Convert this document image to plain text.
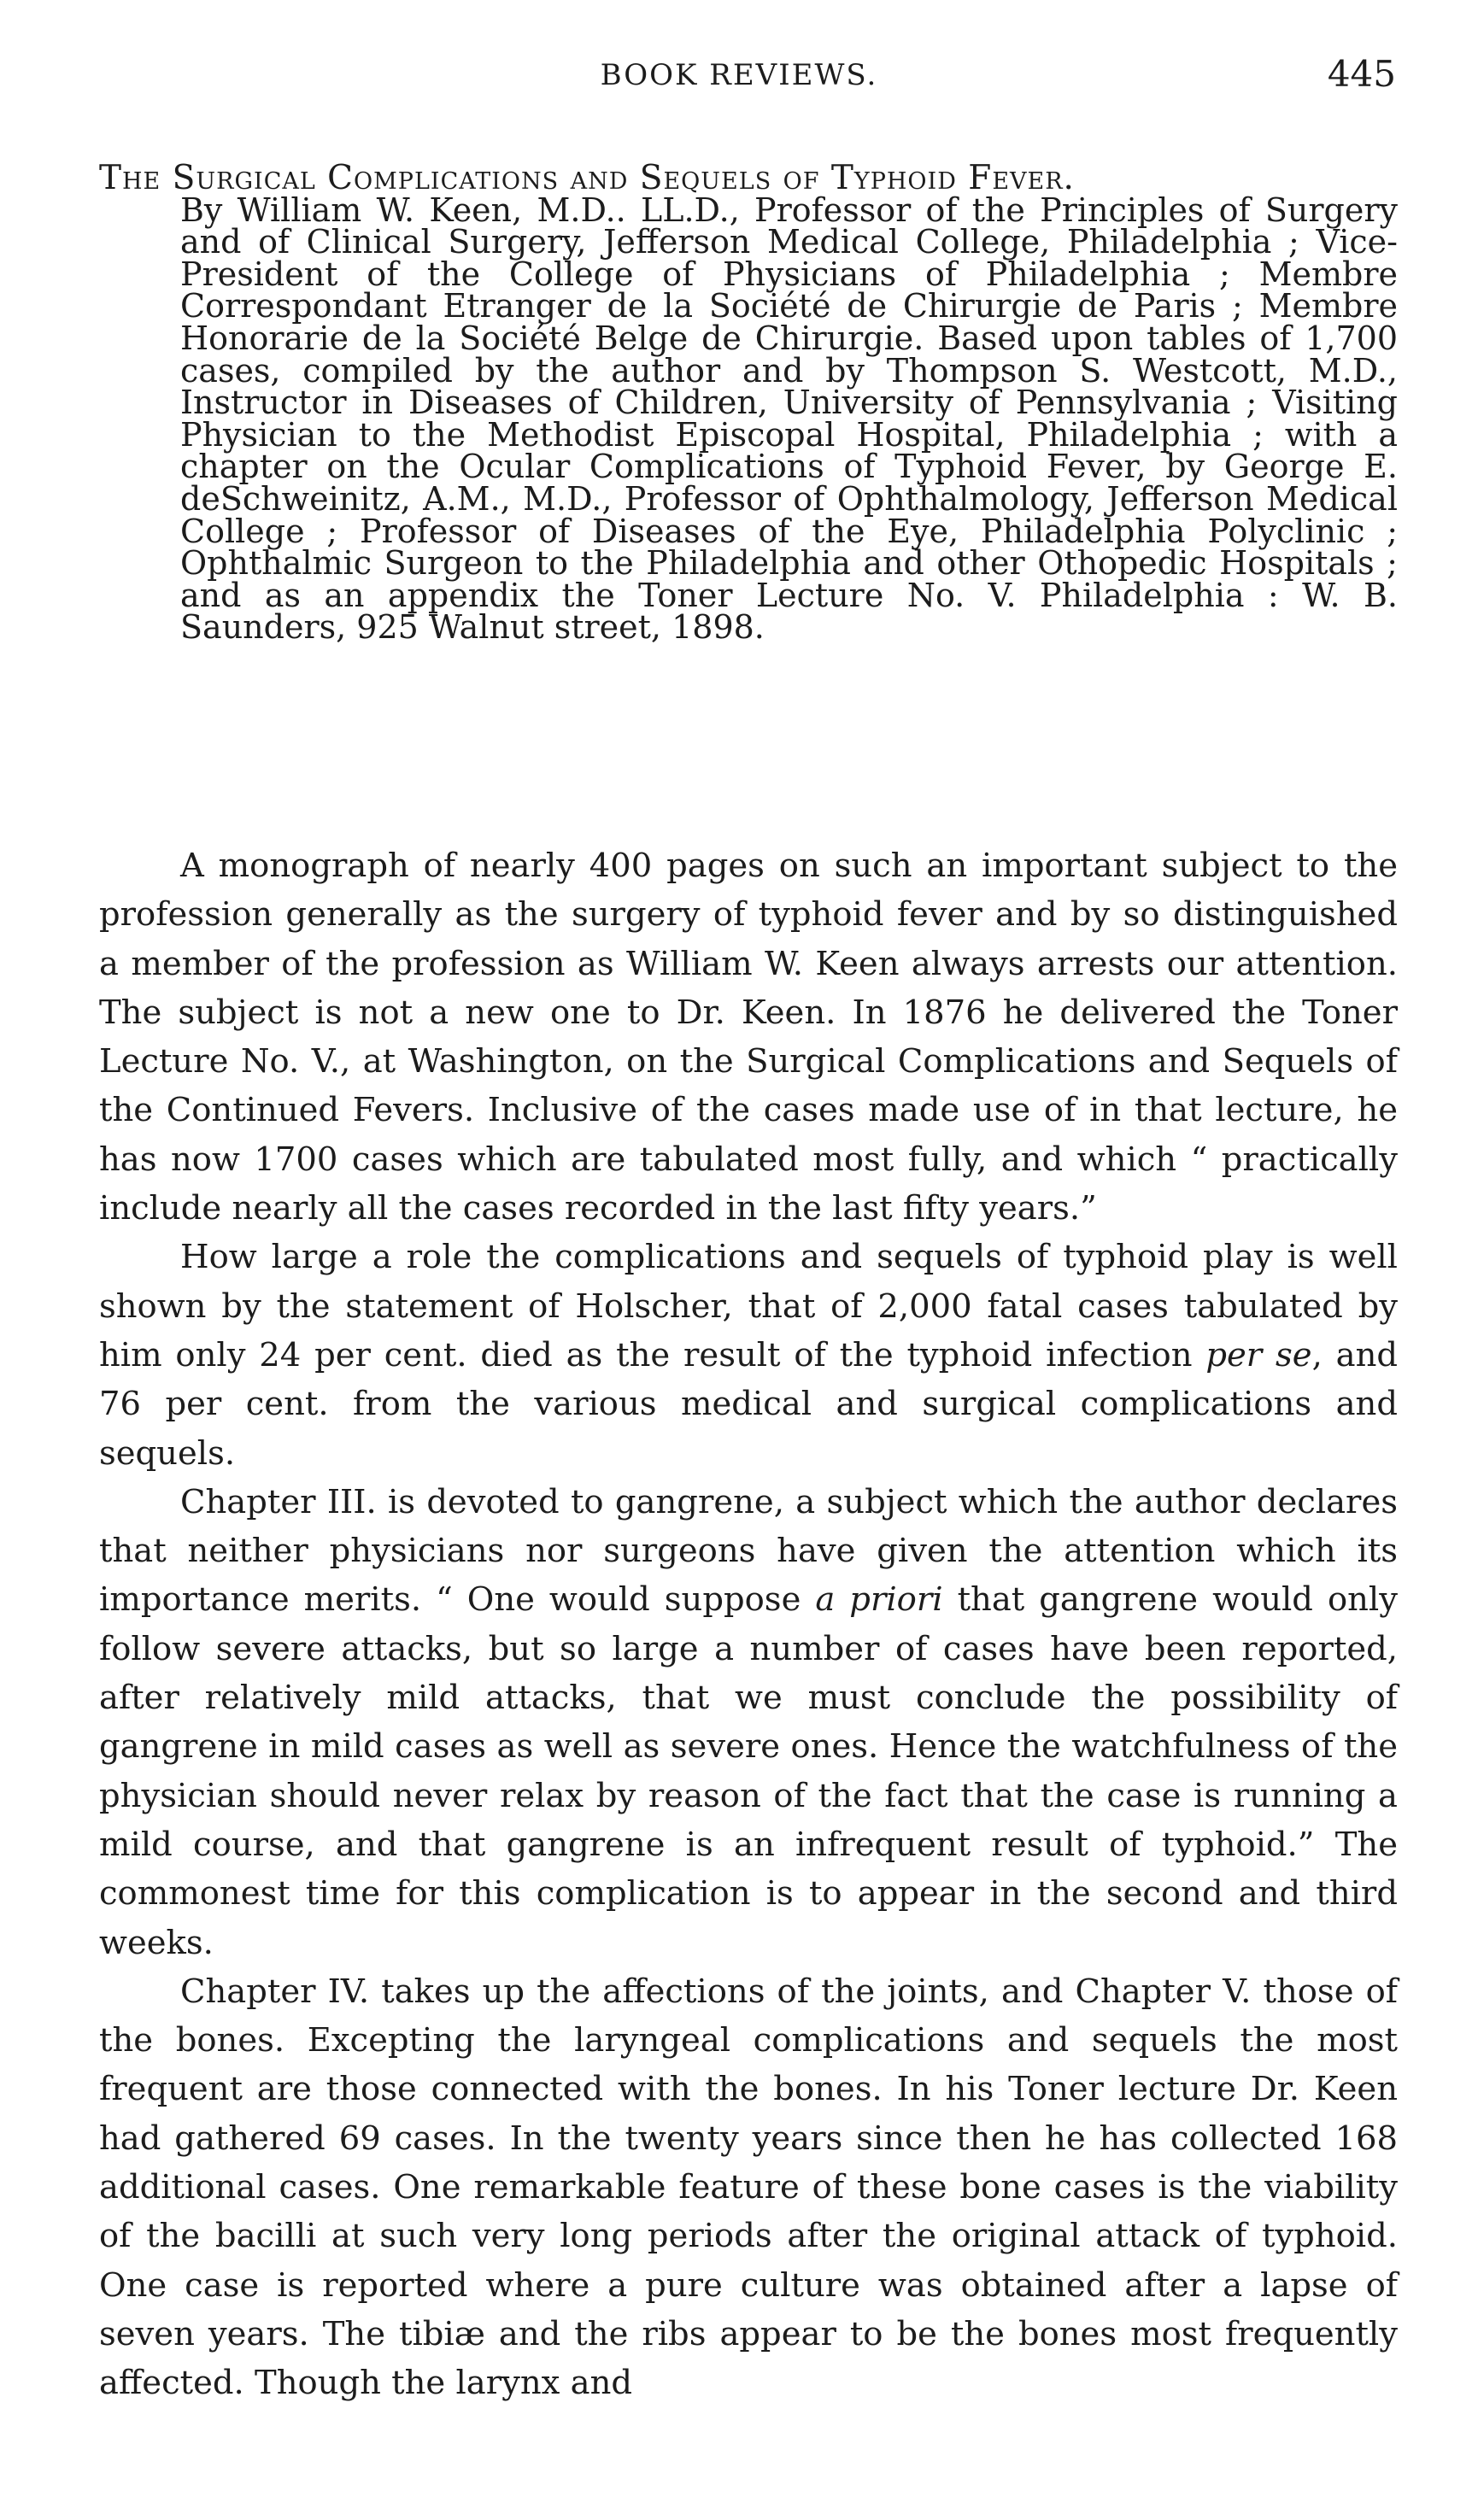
BOOK REVIEWS.	445
The Surgical Complications and Sequels of Typhoid Fever.
By William W. Keen, M.D.. LL.D., Professor of the Principles of Surgery and of Clinical Surgery, Jefferson Medical College, Philadelphia ; Vice-President of the College of Physicians of Philadelphia ; Membre Correspondant Etranger de la Société de Chirurgie de Paris ; Membre Honorarie de la Société Belge de Chirurgie. Based upon tables of 1,700 cases, compiled by the author and by Thompson S. Westcott, M.D., Instructor in Diseases of Children, University of Pennsylvania ; Visiting Physician to the Methodist Episcopal Hospital, Philadelphia ; with a chapter on the Ocular Complications of Typhoid Fever, by George E. deSchweinitz, A.M., M.D., Professor of Ophthalmology, Jefferson Medical College ; Professor of Diseases of the Eye, Philadelphia Polyclinic ; Ophthalmic Surgeon to the Philadelphia and other Othopedic Hospitals ; and as an appendix the Toner Lecture No. V. Philadelphia : W. B. Saunders, 925 Walnut street, 1898.

A monograph of nearly 400 pages on such an important subject to the profession generally as the surgery of typhoid fever and by so distinguished a member of the profession as William W. Keen always arrests our attention. The subject is not a new one to Dr. Keen. In 1876 he delivered the Toner Lecture No. V., at Washington, on the Surgical Complications and Sequels of the Continued Fevers. Inclusive of the cases made use of in that lecture, he has now 1700 cases which are tabulated most fully, and which “ practically include nearly all the cases recorded in the last fifty years.”

How large a role the complications and sequels of typhoid play is well shown by the statement of Holscher, that of 2,000 fatal cases tabulated by him only 24 per cent. died as the result of the typhoid infection per se, and 76 per cent. from the various medical and surgical complications and sequels.

Chapter III. is devoted to gangrene, a subject which the author declares that neither physicians nor surgeons have given the attention which its importance merits. “ One would suppose a priori that gangrene would only follow severe attacks, but so large a number of cases have been reported, after relatively mild attacks, that we must conclude the possibility of gangrene in mild cases as well as severe ones. Hence the watchfulness of the physician should never relax by reason of the fact that the case is running a mild course, and that gangrene is an infrequent result of typhoid.” The commonest time for this complication is to appear in the second and third weeks.

Chapter IV. takes up the affections of the joints, and Chapter V. those of the bones. Excepting the laryngeal complications and sequels the most frequent are those connected with the bones. In his Toner lecture Dr. Keen had gathered 69 cases. In the twenty years since then he has collected 168 additional cases. One remarkable feature of these bone cases is the viability of the bacilli at such very long periods after the original attack of typhoid. One case is reported where a pure culture was obtained after a lapse of seven years. The tibiæ and the ribs appear to be the bones most frequently affected. Though the larynx and
